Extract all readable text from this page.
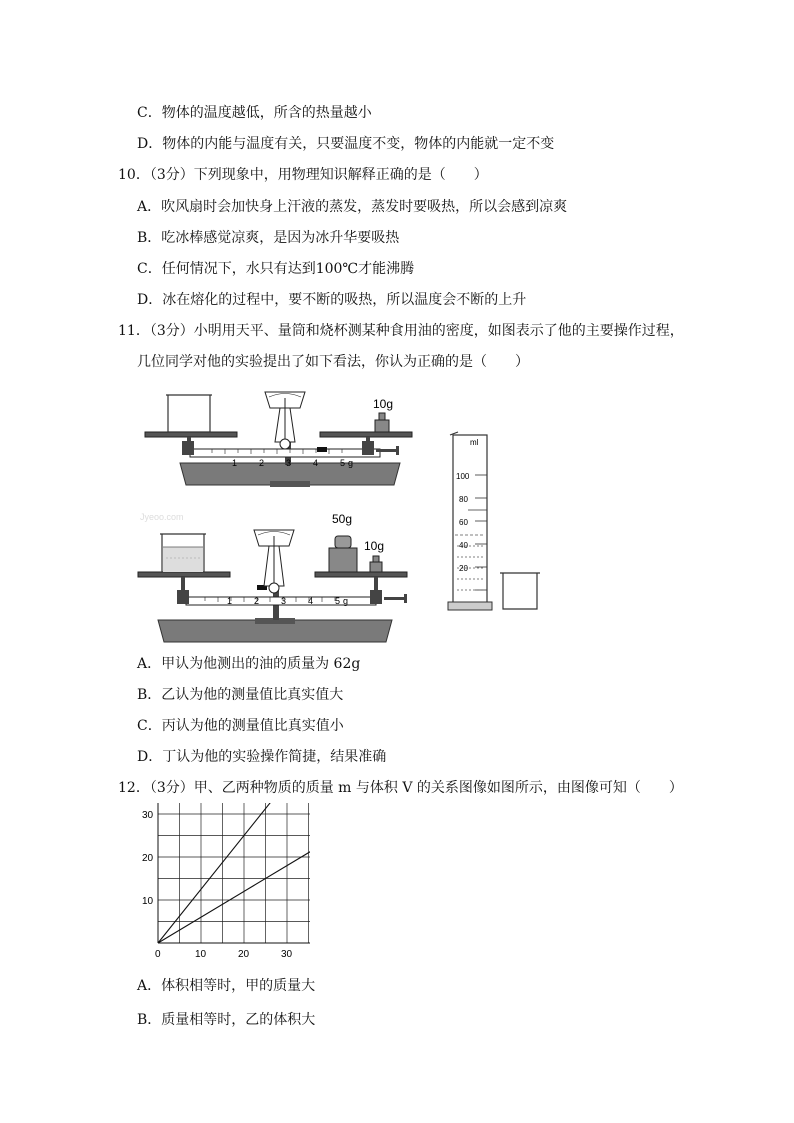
C．物体的温度越低，所含的热量越小
D．物体的内能与温度有关，只要温度不变，物体的内能就一定不变
10．（3分）下列现象中，用物理知识解释正确的是（　　）
A．吹风扇时会加快身上汗液的蒸发，蒸发时要吸热，所以会感到凉爽
B．吃冰棒感觉凉爽，是因为冰升华要吸热
C．任何情况下，水只有达到100℃才能沸腾
D．冰在熔化的过程中，要不断的吸热，所以温度会不断的上升
11．（3分）小明用天平、量筒和烧杯测某种食用油的密度，如图表示了他的主要操作过程，
几位同学对他的实验提出了如下看法，你认为正确的是（　　）
1 2 3 4 5 g
10g
Jyeoo.com
1 2 3 4 5 g
50g
10g
ml
100
80
60
40
20
A．甲认为他测出的油的质量为 62g
B．乙认为他的测量值比真实值大
C．丙认为他的测量值比真实值小
D．丁认为他的实验操作简捷，结果准确
12．（3分）甲、乙两种物质的质量 m 与体积 V 的关系图像如图所示，由图像可知（　　）
0	10	20	30
10
20
30
A．体积相等时，甲的质量大
B．质量相等时，乙的体积大
